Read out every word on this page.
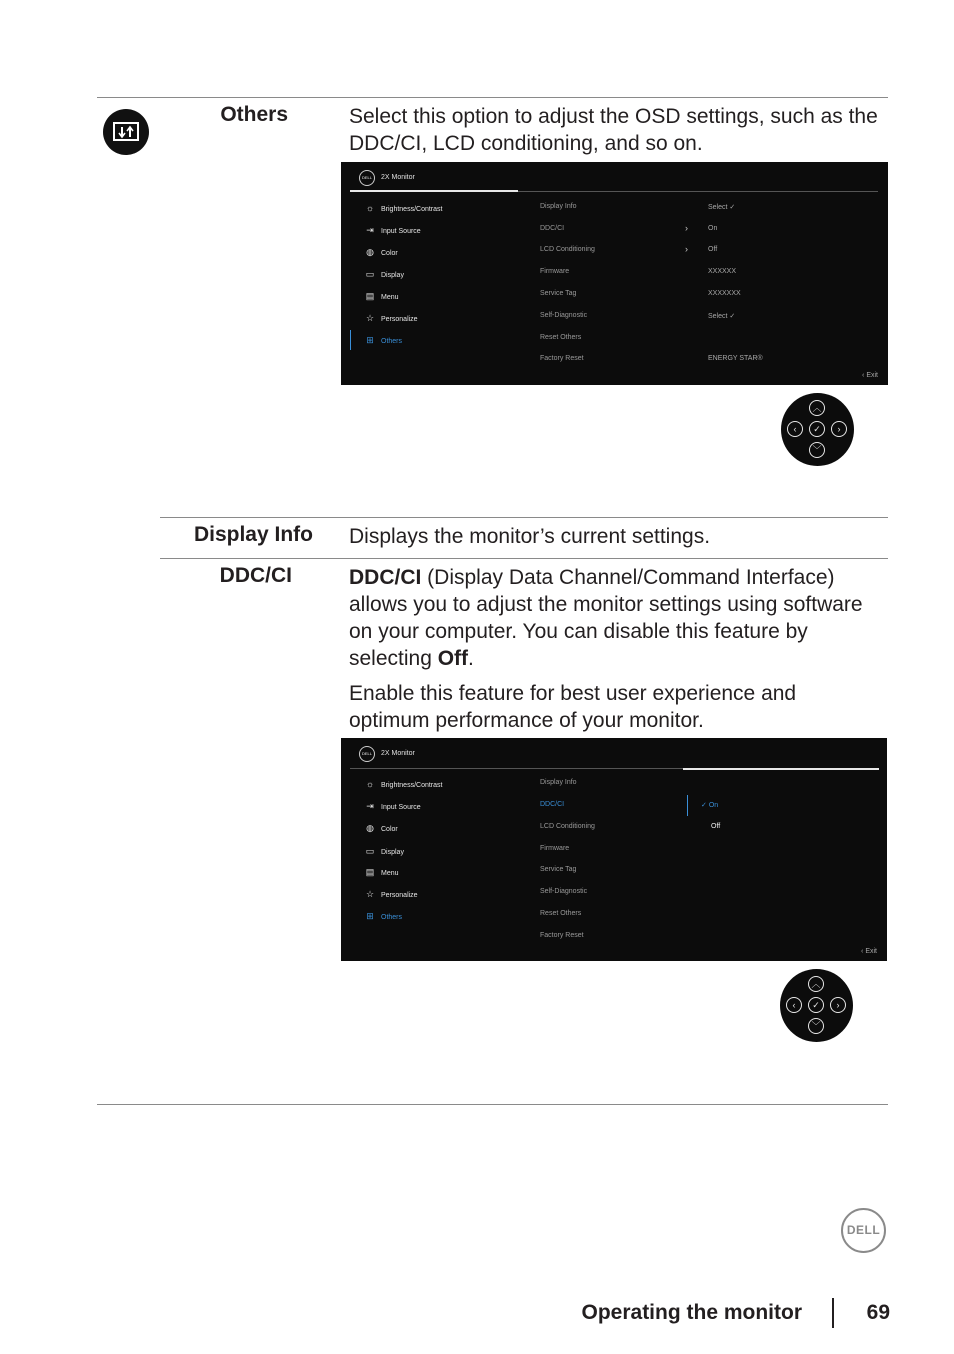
Others	Select this option to adjust the OSD settings, such as the DDC/CI, LCD conditioning, and so on.
DELL	2X Monitor
☼ Brightness/Contrast
⇥ Input Source
◍ Color
▭ Display
▤ Menu
☆ Personalize
⊞ Others
Display Info
DDC/CI
LCD Conditioning
Firmware
Service Tag
Self-Diagnostic
Reset Others
Factory Reset
›
›
Select ✓
On
Off
XXXXXX
XXXXXXX
Select ✓
ENERGY STAR®
‹ Exit
︿
‹	✓	›
﹀
Display Info Displays the monitor’s current settings.
DDC/CI	DDC/CI (Display Data Channel/Command Interface) allows you to adjust the monitor settings using software on your computer. You can disable this feature by selecting Off.
Enable this feature for best user experience and optimum performance of your monitor.
DELL	2X Monitor
☼ Brightness/Contrast
⇥ Input Source
◍ Color
▭ Display
▤ Menu
☆ Personalize
⊞ Others
Display Info
DDC/CI
LCD Conditioning
Firmware
Service Tag
Self-Diagnostic
Reset Others
Factory Reset
✓ On
Off
‹ Exit
︿
‹	✓	›
﹀
DELL
Operating the monitor	69
